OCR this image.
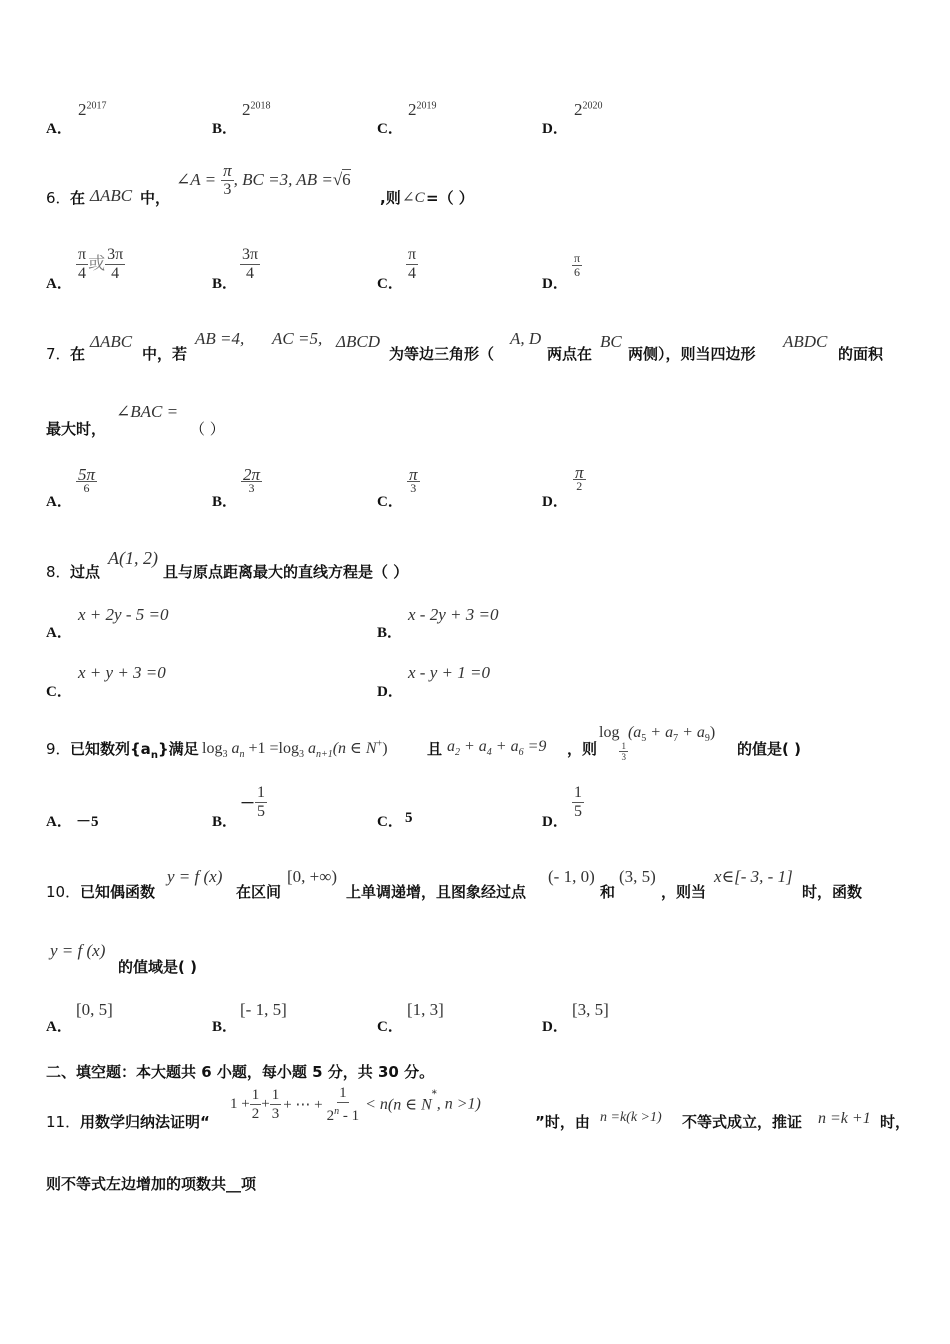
A．
$2^{2017}$
B．
$2^{2018}$
C．
$2^{2019}$
D．
$2^{2020}$
6． 在 ΔABC 中，
∠A = $\frac{\pi}{3}$ , BC =3, AB =√6
,则 ∠C =（ ）
A．
$\frac{\pi}{4}$ 或 $\frac{3\pi}{4}$
B．
$\frac{3\pi}{4}$
C．
$\frac{\pi}{4}$
D．
$\frac{\pi}{6}$
7． 在
ΔABC
中，若
AB =4, AC =5, ΔBCD
为等边三角形（
A, D
两点在
BC
两侧），则当四边形
ABDC
的面积
最大时，
∠BAC =
（ ）
A．
$\frac{5\pi}{6}$
B．
$\frac{2\pi}{3}$
C．
$\frac{\pi}{3}$
D．
$\frac{\pi}{2}$
8． 过点
A(1, 2)
且与原点距离最大的直线方程是（ ）
A．
x + 2y - 5 =0
B．
x - 2y + 3 =0
C．
x + y + 3 =0
D．
x - y + 1 =0
9． 已知数列$\{a_n\}$满足 $\log_3 a_n +1 =\log_3$ $a_{n+1}(n$ ∈ N+)	且 $a_2 + a_4 + a_6 =9$ ，则
log
$\frac{1}{3}$
$(a_5 + a_7 + a_9)$
的值是( )
A． －5	B．
－ $\frac{1}{5}$
C． 5	D．
$\frac{1}{5}$
10． 已知偶函数
y = f (x)
在区间
[0, +∞)
上单调递增，且图象经过点
(- 1, 0)
和
(3, 5)
，则当
x∈[- 3, - 1]
时，函数
y = f (x)
的值域是( )
A．
[0, 5]
B．
[- 1, 5]
C．
[1, 3]
D．
[3, 5]
二、填空题：本大题共 6 小题，每小题 5 分，共 30 分。
11． 用数学归纳法证明“
$1 + \frac{1}{2} + \frac{1}{3}$ + ⋯ + $\frac{1}{2^n - 1} < n(n$ ∈ N*, n >1)
”时，由 n =k(k >1) 不等式成立，推证 n =k +1 时，
则不等式左边增加的项数共__项
